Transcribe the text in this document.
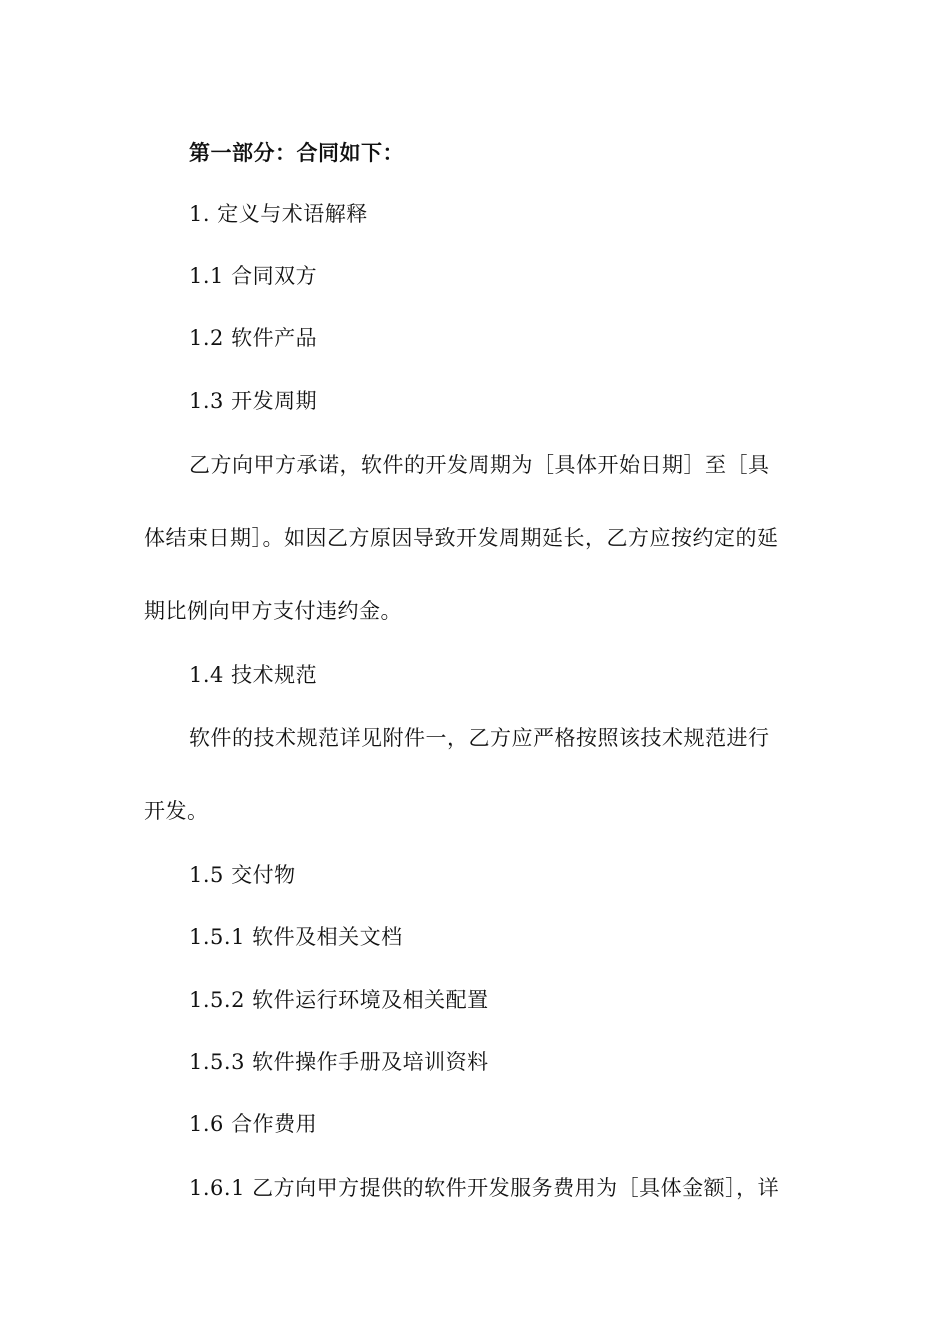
第一部分：合同如下：
1. 定义与术语解释
1.1 合同双方
1.2 软件产品
1.3 开发周期
乙方向甲方承诺，软件的开发周期为［具体开始日期］至［具
体结束日期］。如因乙方原因导致开发周期延长，乙方应按约定的延
期比例向甲方支付违约金。
1.4 技术规范
软件的技术规范详见附件一，乙方应严格按照该技术规范进行
开发。
1.5 交付物
1.5.1 软件及相关文档
1.5.2 软件运行环境及相关配置
1.5.3 软件操作手册及培训资料
1.6 合作费用
1.6.1 乙方向甲方提供的软件开发服务费用为［具体金额］，详
